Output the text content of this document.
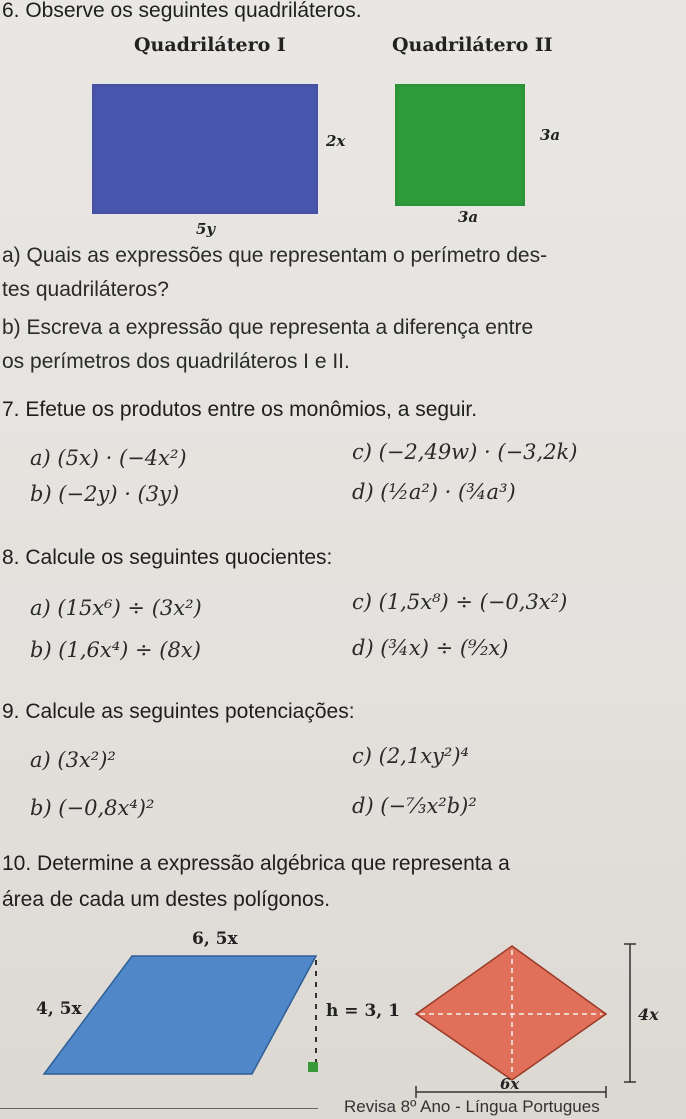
6. Observe os seguintes quadriláteros.
Quadrilátero I	Quadrilátero II
2x
5y
3a
3a
a) Quais as expressões que representam o perímetro des-
tes quadriláteros?
b) Escreva a expressão que representa a diferença entre
os perímetros dos quadriláteros I e II.
7. Efetue os produtos entre os monômios, a seguir.
a) (5x) · (−4x²)	c) (−2,49w) · (−3,2k)
b) (−2y) · (3y)	d) (½a²) · (¾a³)
8. Calcule os seguintes quocientes:
a) (15x⁶) ÷ (3x²)	c) (1,5x⁸) ÷ (−0,3x²)
b) (1,6x⁴) ÷ (8x)	d) (¾x) ÷ (⁹⁄₂x)
9. Calcule as seguintes potenciações:
a) (3x²)²	c) (2,1xy²)⁴
b) (−0,8x⁴)²	d) (−⁷⁄₃x²b)²
10. Determine a expressão algébrica que representa a
área de cada um destes polígonos.
6, 5x
4, 5x	h = 3, 1	4x
6x
Revisa 8º Ano - Língua Portugues
